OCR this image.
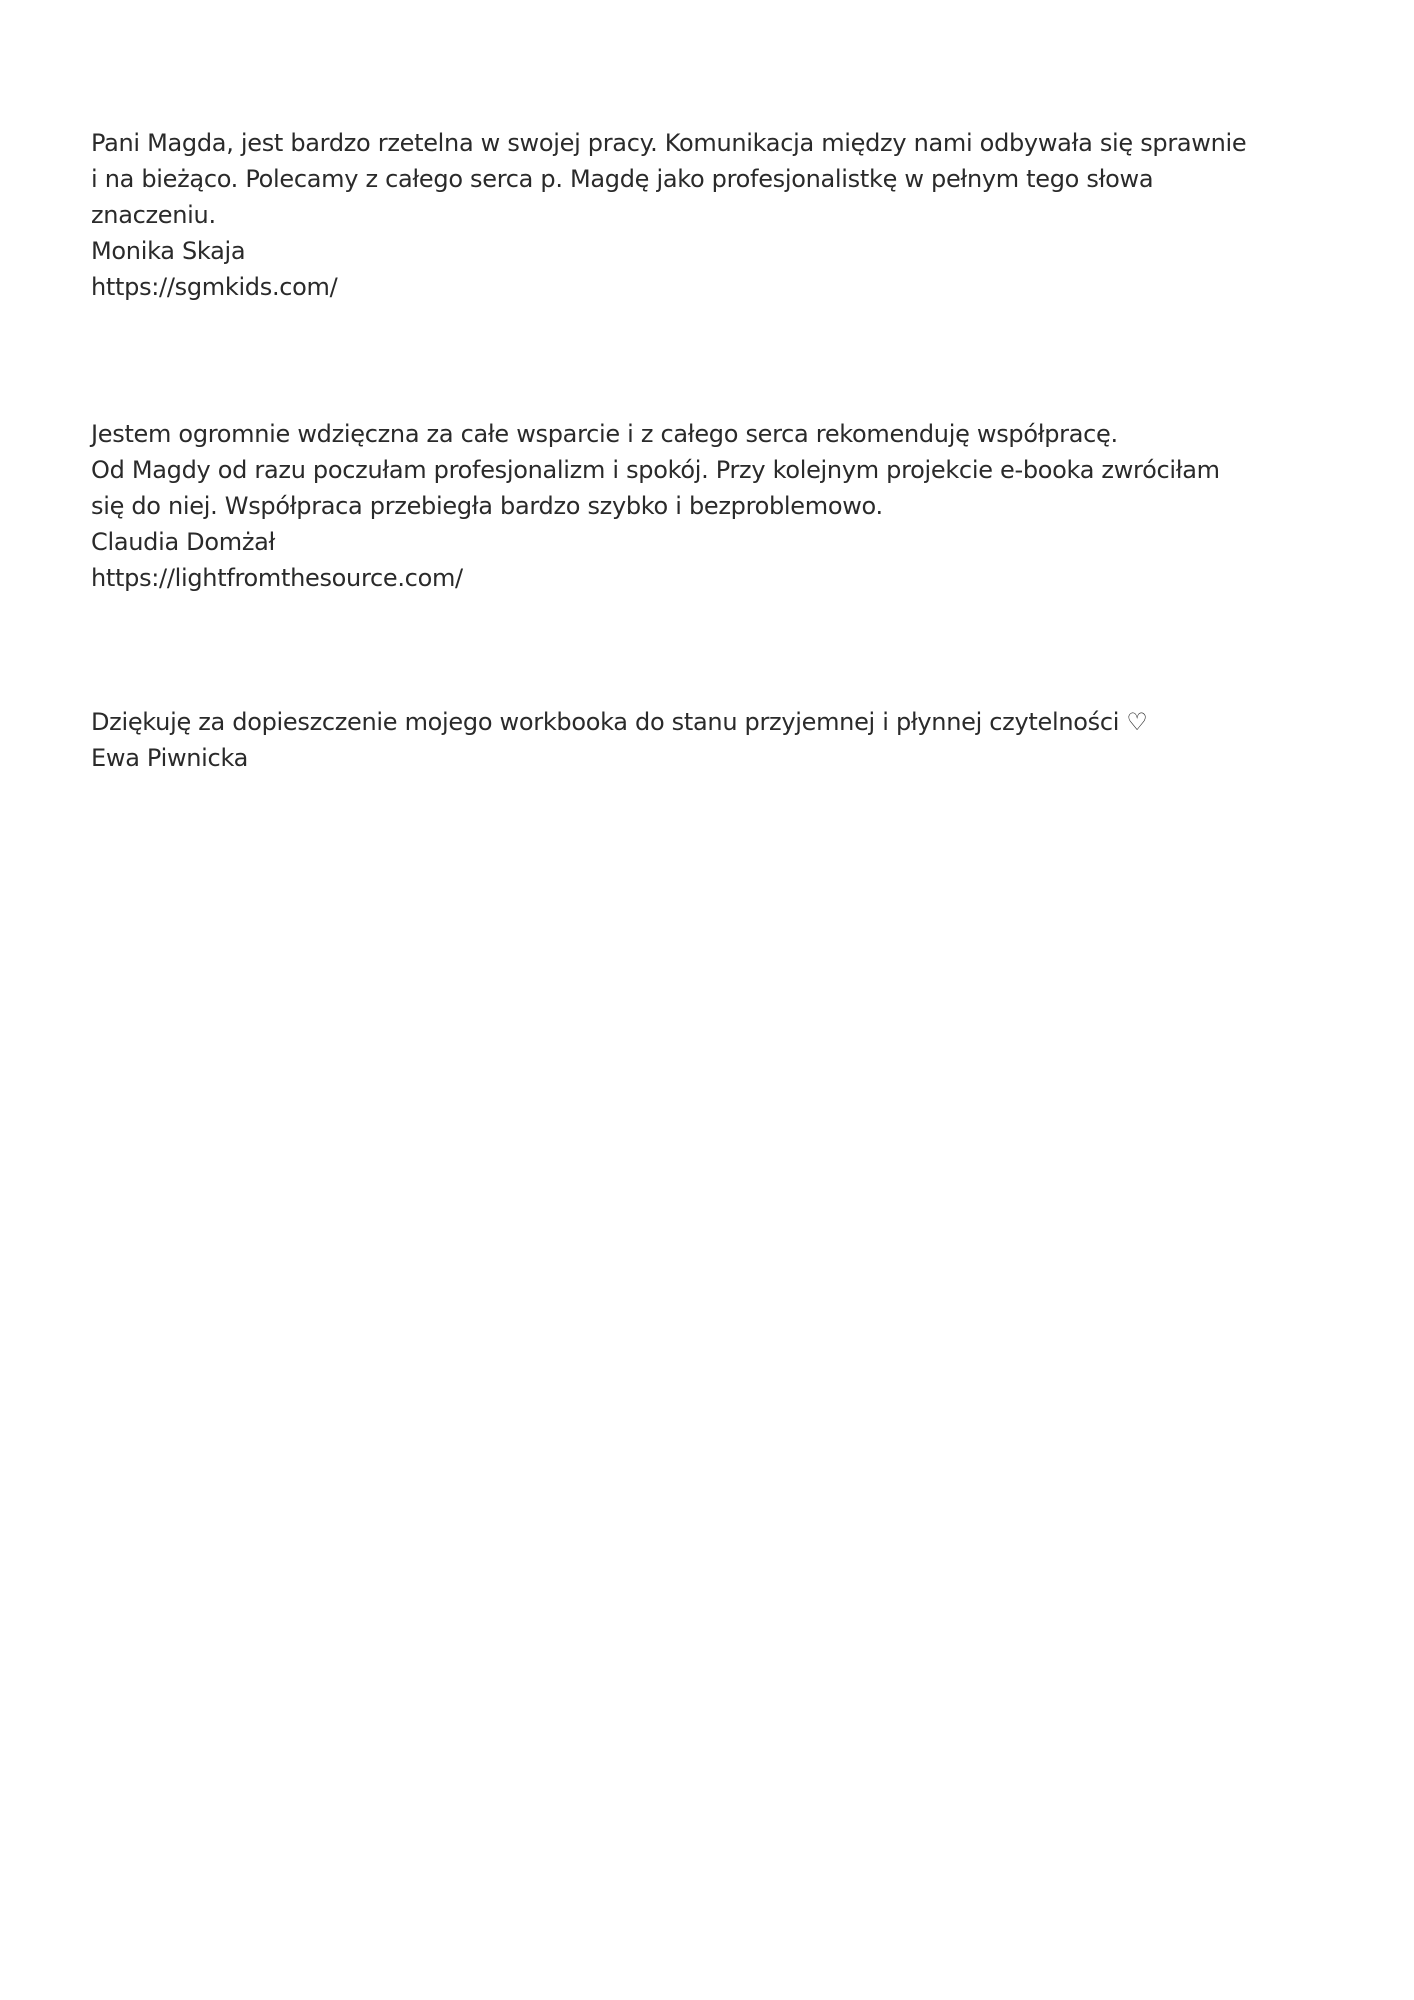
Pani Magda, jest bardzo rzetelna w swojej pracy. Komunikacja między nami odbywała się sprawnie
i na bieżąco. Polecamy z całego serca p. Magdę jako profesjonalistkę w pełnym tego słowa
znaczeniu.
Monika Skaja
https://sgmkids.com/
Jestem ogromnie wdzięczna za całe wsparcie i z całego serca rekomenduję współpracę.
Od Magdy od razu poczułam profesjonalizm i spokój. Przy kolejnym projekcie e-booka zwróciłam
się do niej. Współpraca przebiegła bardzo szybko i bezproblemowo.
Claudia Domżał
https://lightfromthesource.com/
Dziękuję za dopieszczenie mojego workbooka do stanu przyjemnej i płynnej czytelności ♡
Ewa Piwnicka
